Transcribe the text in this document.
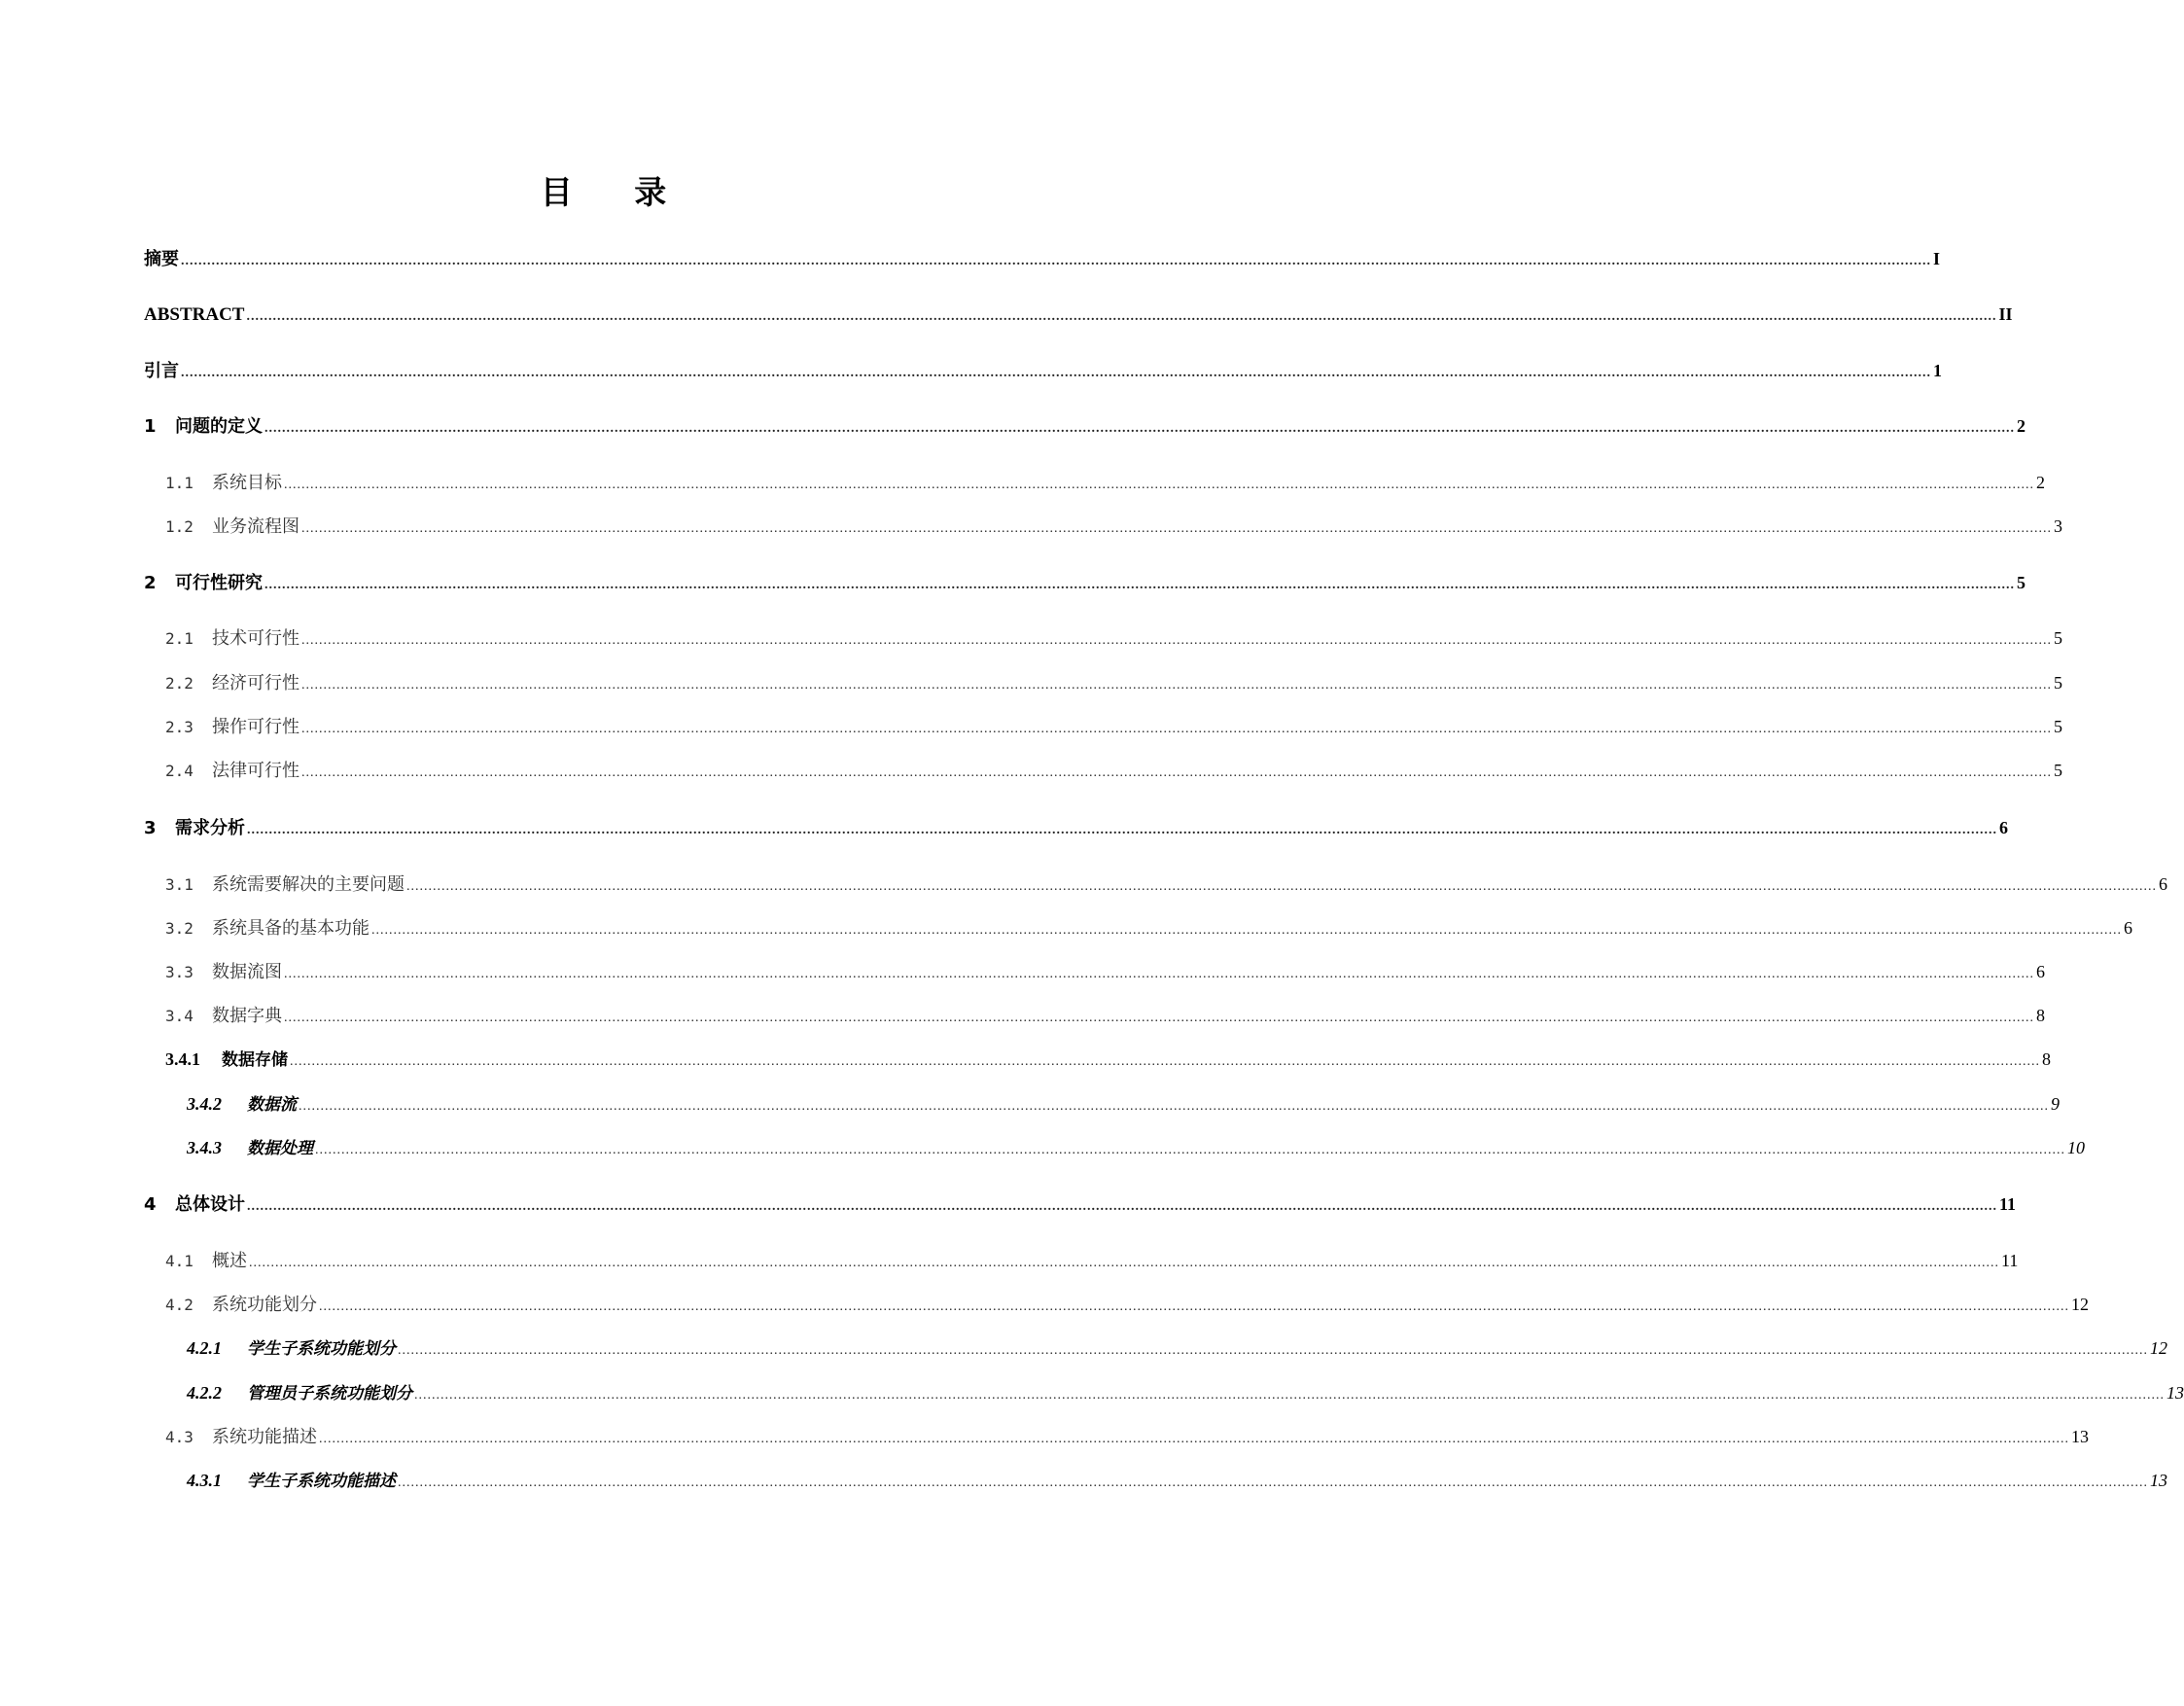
目 录
摘要 ................................................................................................................................................................................................................................................................................................................................................................................................................ I
ABSTRACT ................................................................................................................................................................................................................................................................................................................................................................................................................ II
引言 ................................................................................................................................................................................................................................................................................................................................................................................................................ 1
1	问题的定义 ................................................................................................................................................................................................................................................................................................................................................................................................................ 2
1.1	系统目标 ................................................................................................................................................................................................................................................................................................................................................................................................................ 2
1.2	业务流程图 ................................................................................................................................................................................................................................................................................................................................................................................................................ 3
2	可行性研究 ................................................................................................................................................................................................................................................................................................................................................................................................................ 5
2.1	技术可行性 ................................................................................................................................................................................................................................................................................................................................................................................................................ 5
2.2	经济可行性 ................................................................................................................................................................................................................................................................................................................................................................................................................ 5
2.3	操作可行性 ................................................................................................................................................................................................................................................................................................................................................................................................................ 5
2.4	法律可行性 ................................................................................................................................................................................................................................................................................................................................................................................................................ 5
3	需求分析 ................................................................................................................................................................................................................................................................................................................................................................................................................ 6
3.1	系统需要解决的主要问题 ................................................................................................................................................................................................................................................................................................................................................................................................................ 6
3.2	系统具备的基本功能 ................................................................................................................................................................................................................................................................................................................................................................................................................ 6
3.3	数据流图 ................................................................................................................................................................................................................................................................................................................................................................................................................ 6
3.4	数据字典 ................................................................................................................................................................................................................................................................................................................................................................................................................ 8
3.4.1	数据存储 ................................................................................................................................................................................................................................................................................................................................................................................................................ 8
3.4.2	数据流 ................................................................................................................................................................................................................................................................................................................................................................................................................ 9
3.4.3	数据处理 ................................................................................................................................................................................................................................................................................................................................................................................................................ 10
4	总体设计 ................................................................................................................................................................................................................................................................................................................................................................................................................ 11
4.1	概述 ................................................................................................................................................................................................................................................................................................................................................................................................................ 11
4.2	系统功能划分 ................................................................................................................................................................................................................................................................................................................................................................................................................ 12
4.2.1	学生子系统功能划分 ................................................................................................................................................................................................................................................................................................................................................................................................................ 12
4.2.2	管理员子系统功能划分 ................................................................................................................................................................................................................................................................................................................................................................................................................ 13
4.3	系统功能描述 ................................................................................................................................................................................................................................................................................................................................................................................................................ 13
4.3.1	学生子系统功能描述 ................................................................................................................................................................................................................................................................................................................................................................................................................ 13
